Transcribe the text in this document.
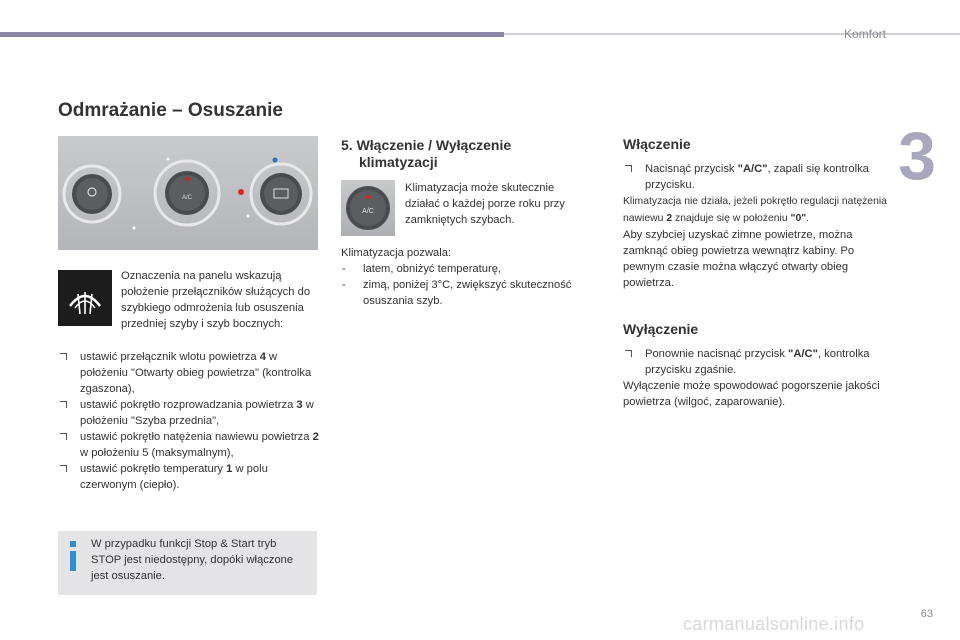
Komfort
3
Odmrażanie – Osuszanie
A/C

Oznaczenia na panelu wskazują położenie przełączników służących do szybkiego odmrożenia lub osuszenia przedniej szyby i szyb bocznych:

ustawić przełącznik wlotu powietrza 4 w położeniu "Otwarty obieg powietrza" (kontrolka zgaszona),
ustawić pokrętło rozprowadzania powietrza 3 w położeniu "Szyba przednia",
ustawić pokrętło natężenia nawiewu powietrza 2 w położeniu 5 (maksymalnym),
ustawić pokrętło temperatury 1 w polu czerwonym (ciepło).
W przypadku funkcji Stop & Start tryb STOP jest niedostępny, dopóki włączone jest osuszanie.
5. Włączenie / Wyłączenie
klimatyzacji
A/C

Klimatyzacja może skutecznie działać o każdej porze roku przy zamkniętych szybach.

Klimatyzacja pozwala:

- latem, obniżyć temperaturę,
- zimą, poniżej 3°C, zwiększyć skuteczność osuszania szyb.
Włączenie
Nacisnąć przycisk "A/C", zapali się kontrolka przycisku.

Klimatyzacja nie działa, jeżeli pokrętło regulacji natężenia nawiewu 2 znajduje się w położeniu "0".

Aby szybciej uzyskać zimne powietrze, można zamknąć obieg powietrza wewnątrz kabiny. Po pewnym czasie można włączyć otwarty obieg powietrza.

Wyłączenie
Ponownie nacisnąć przycisk "A/C", kontrolka przycisku zgaśnie.

Wyłączenie może spowodować pogorszenie jakości powietrza (wilgoć, zaparowanie).

carmanualsonline.info	63
